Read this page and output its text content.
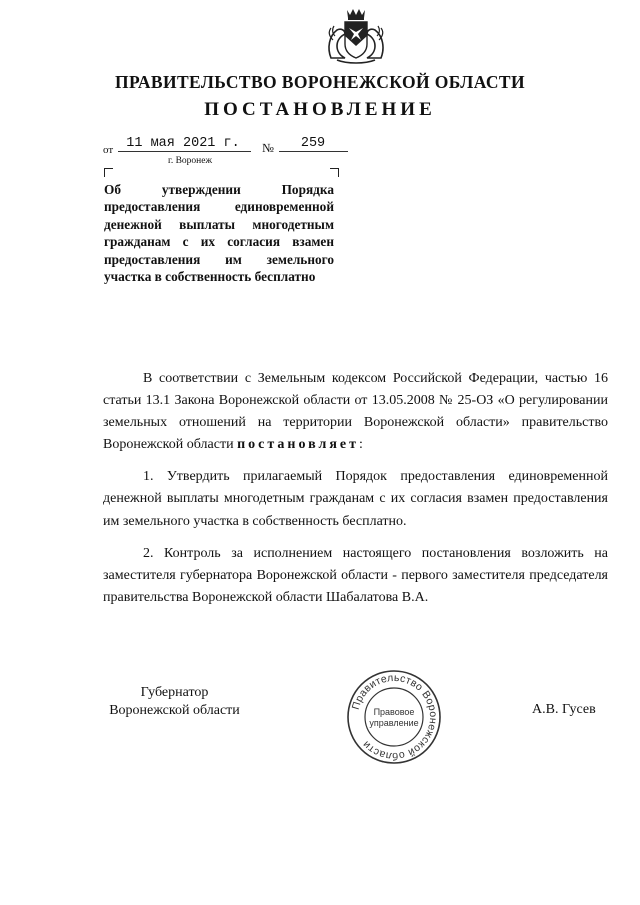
ПРАВИТЕЛЬСТВО ВОРОНЕЖСКОЙ ОБЛАСТИ
ПОСТАНОВЛЕНИЕ
от 11 мая 2021 г.	№	259
г. Воронеж

Об утверждении Порядка предоставления единовременной денежной выплаты многодетным гражданам с их согласия взамен предоставления им земельного участка в собственность бесплатно

В соответствии с Земельным кодексом Российской Федерации, частью 16 статьи 13.1 Закона Воронежской области от 13.05.2008 № 25-ОЗ «О регулировании земельных отношений на территории Воронежской области» правительство Воронежской области постановляет:

1. Утвердить прилагаемый Порядок предоставления единовременной денежной выплаты многодетным гражданам с их согласия взамен предоставления им земельного участка в собственность бесплатно.

2. Контроль за исполнением настоящего постановления возложить на заместителя губернатора Воронежской области - первого заместителя председателя правительства Воронежской области Шабалатова В.А.

Губернатор
Воронежской области	А.В. Гусев
Правительство Воронежской области
Правовое
управление
